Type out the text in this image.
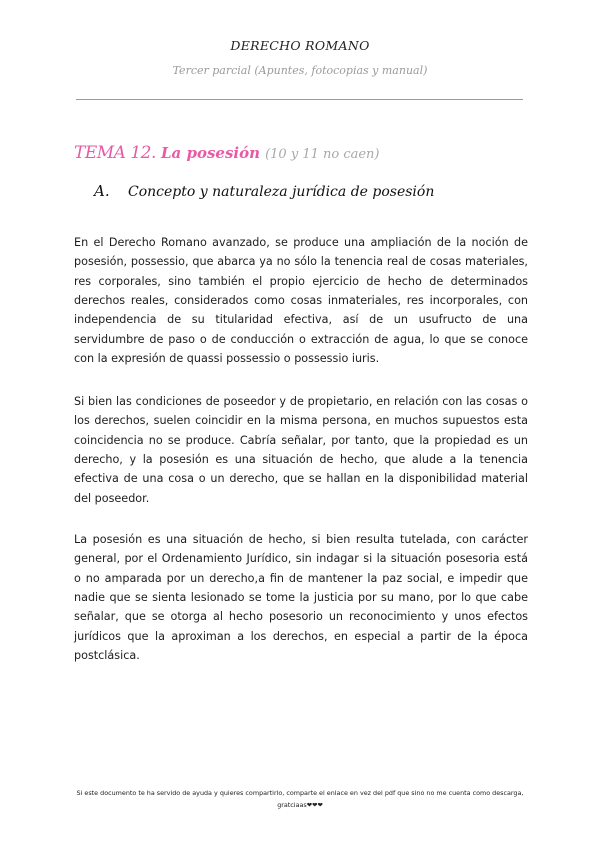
DERECHO ROMANO
Tercer parcial (Apuntes, fotocopias y manual)
TEMA 12. La posesión (10 y 11 no caen)
A. Concepto y naturaleza jurídica de posesión

En el Derecho Romano avanzado, se produce una ampliación de la noción de posesión, possessio, que abarca ya no sólo la tenencia real de cosas materiales, res corporales, sino también el propio ejercicio de hecho de determinados derechos reales, considerados como cosas inmateriales, res incorporales, con independencia de su titularidad efectiva, así de un usufructo de una servidumbre de paso o de conducción o extracción de agua, lo que se conoce con la expresión de quassi possessio o possessio iuris.

Si bien las condiciones de poseedor y de propietario, en relación con las cosas o los derechos, suelen coincidir en la misma persona, en muchos supuestos esta coincidencia no se produce. Cabría señalar, por tanto, que la propiedad es un derecho, y la posesión es una situación de hecho, que alude a la tenencia efectiva de una cosa o un derecho, que se hallan en la disponibilidad material del poseedor.

La posesión es una situación de hecho, si bien resulta tutelada, con carácter general, por el Ordenamiento Jurídico, sin indagar si la situación posesoria está o no amparada por un derecho,a fin de mantener la paz social, e impedir que nadie que se sienta lesionado se tome la justicia por su mano, por lo que cabe señalar, que se otorga al hecho posesorio un reconocimiento y unos efectos jurídicos que la aproximan a los derechos, en especial a partir de la época postclásica.

Si este documento te ha servido de ayuda y quieres compartirlo, comparte el enlace en vez del pdf que sino no me cuenta como descarga, gratciaas❤❤❤
